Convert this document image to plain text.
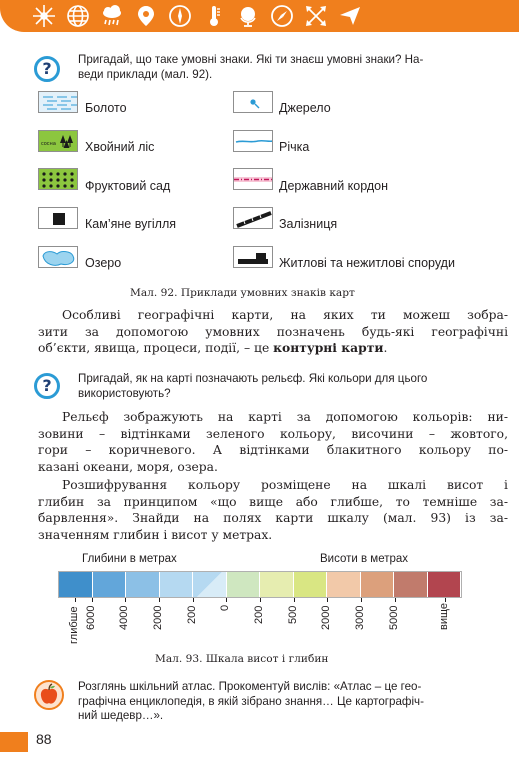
? Пригадай, що таке умовні знаки. Які ти знаєш умовні знаки? На-
веди приклади (мал. 92).
Болото
сосна Хвойний ліс
Фруктовий сад
Кам’яне вугілля
Озеро
Джерело
Річка
Державний кордон
Залізниця
Житлові та нежитлові споруди
Мал. 92. Приклади умовних знаків карт
Особливі географічні карти, на яких ти можеш зобра-
зити за допомогою умовних позначень будь-які географічні
об’єкти, явища, процеси, події, – це контурні карти.
? Пригадай, як на карті позначають рельєф. Які кольори для цього
використовують?
Рельєф зображують на карті за допомогою кольорів: ни-
зовини – відтінками зеленого кольору, височини – жовтого,
гори – коричневого. А відтінками блакитного кольору по-
казані океани, моря, озера.
Розшифрування кольору розміщене на шкалі висот і
глибин за принципом «що вище або глибше, то темніше за-
барвлення». Знайди на полях карти шкалу (мал. 93) із за-
значенням глибин і висот у метрах.
Глибини в метрах	Висоти в метрах
глибше 6000 4000 2000 200 0 200 500 2000 3000 5000	вище
Мал. 93. Шкала висот і глибин
Розглянь шкільний атлас. Прокоментуй вислів: «Атлас – це гео-
графічна енциклопедія, в якій зібрано знання… Це картографіч-
ний шедевр…».
88
